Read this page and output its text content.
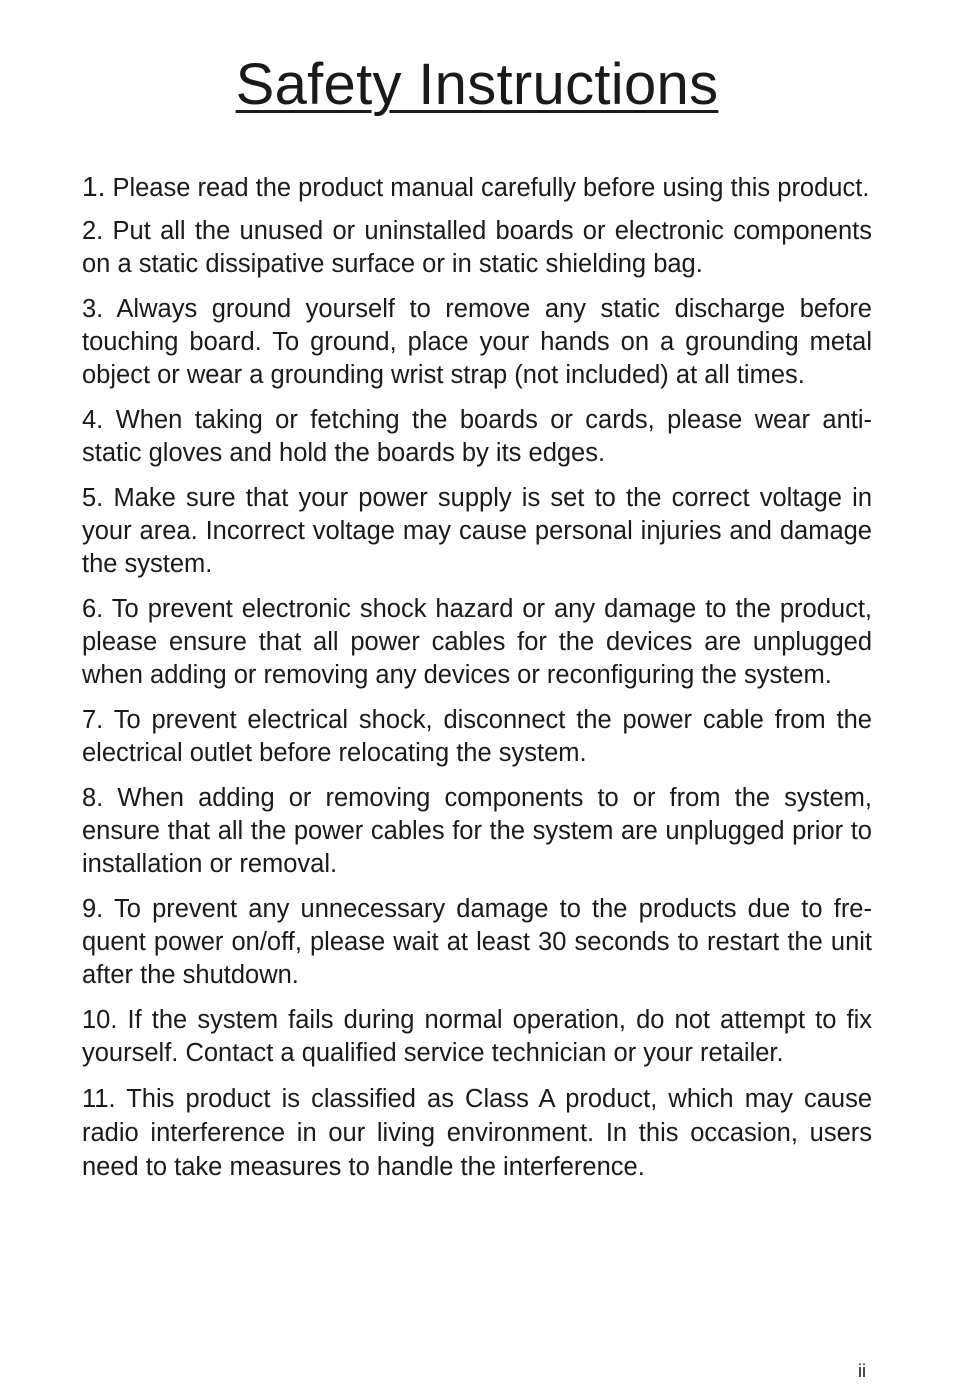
Safety Instructions
1. Please read the product manual carefully before using this product.
2. Put all the unused or uninstalled boards or electronic components on a static dissipative surface or in static shielding bag.
3. Always ground yourself to remove any static discharge before touching board. To ground, place your hands on a grounding metal object or wear a grounding wrist strap (not included) at all times.
4. When taking or fetching the boards or cards, please wear anti-static gloves and hold the boards by its edges.
5. Make sure that your power supply is set to the correct voltage in your area. Incorrect voltage may cause personal injuries and damage the system.
6. To prevent electronic shock hazard or any damage to the product, please ensure that all power cables for the devices are unplugged when adding or removing any devices or reconfiguring the system.
7. To prevent electrical shock, disconnect the power cable from the electrical outlet before relocating the system.
8. When adding or removing components to or from the system, ensure that all the power cables for the system are unplugged prior to installation or removal.
9. To prevent any unnecessary damage to the products due to frequent power on/off, please wait at least 30 seconds to restart the unit after the shutdown.
10. If the system fails during normal operation, do not attempt to fix yourself. Contact a qualified service technician or your retailer.
11. This product is classified as Class A product, which may cause radio interference in our living environment. In this occasion, users need to take measures to handle the interference.
ii
